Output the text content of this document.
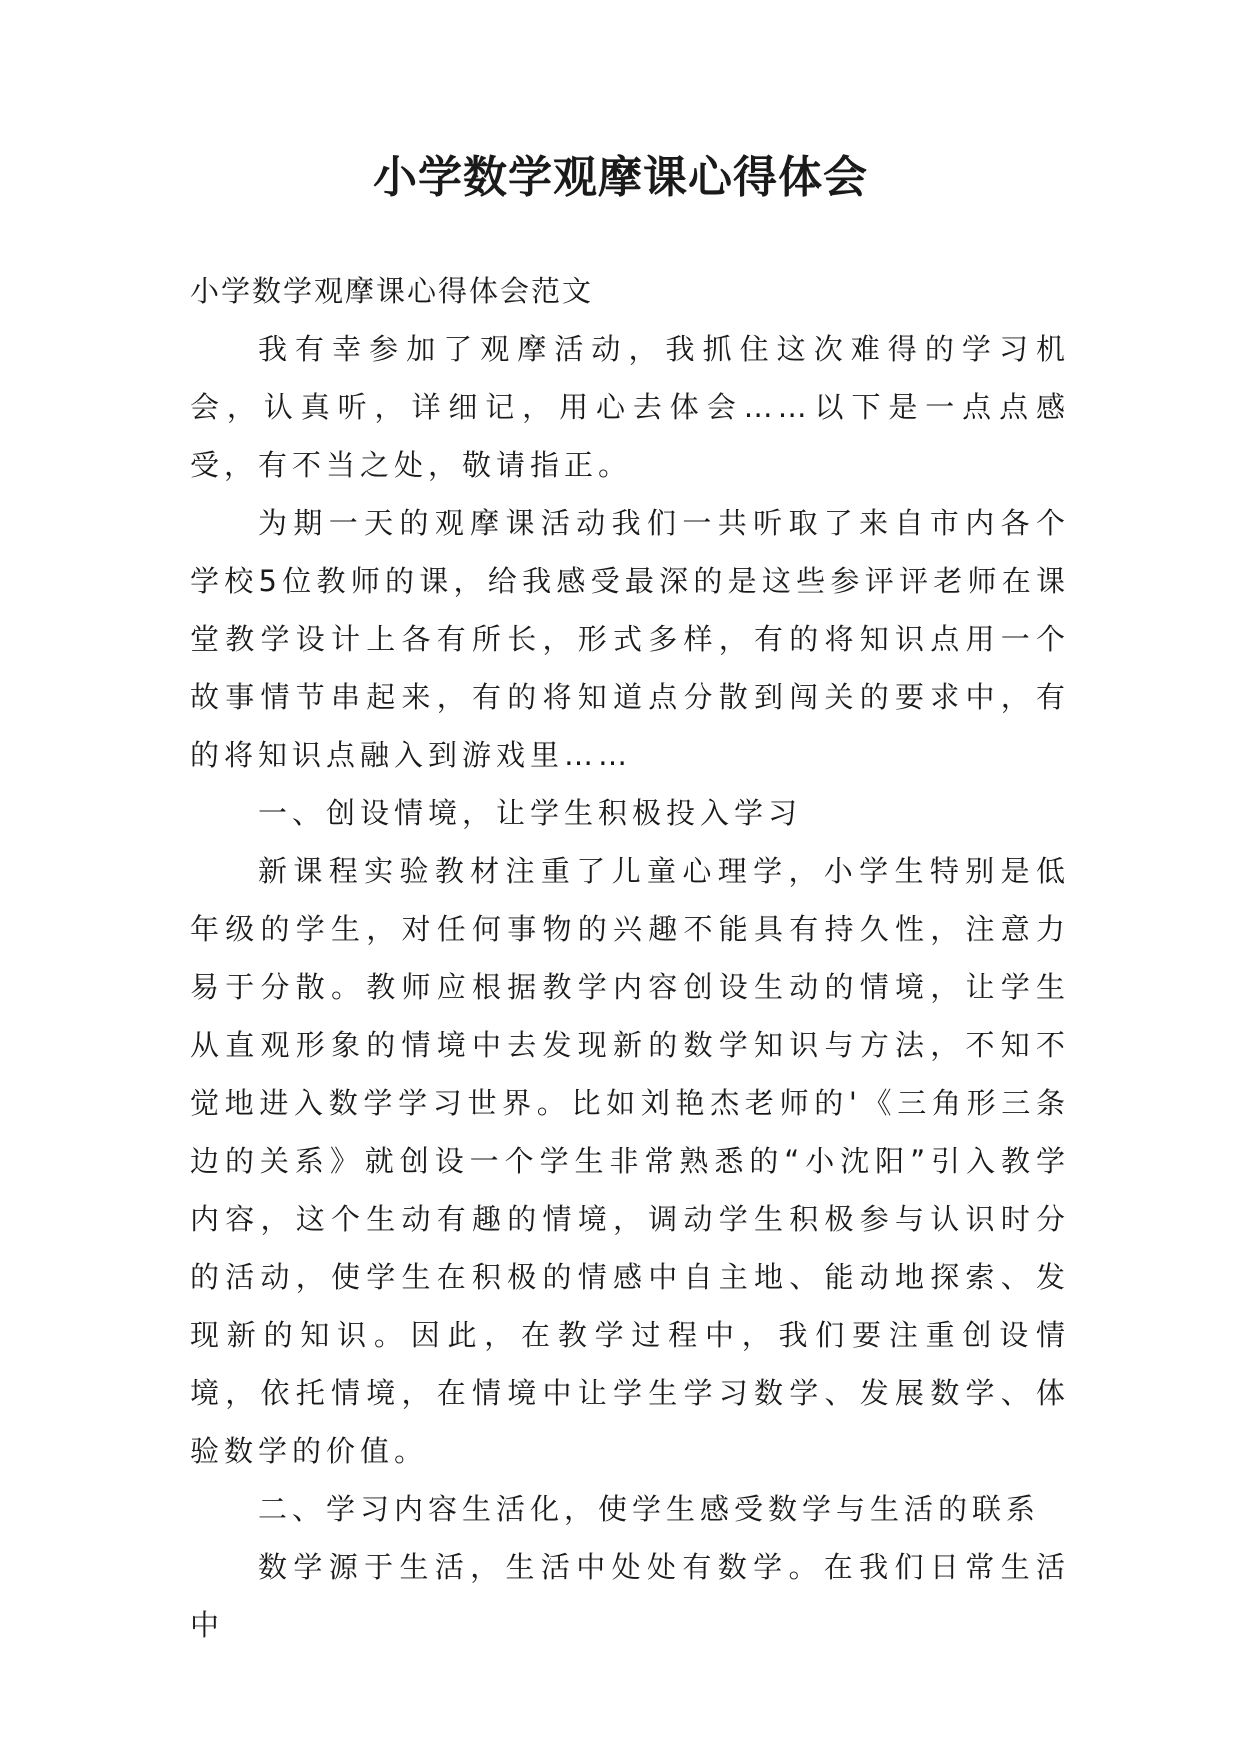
小学数学观摩课心得体会

小学数学观摩课心得体会范文

我有幸参加了观摩活动，我抓住这次难得的学习机会，认真听，详细记，用心去体会……以下是一点点感受，有不当之处，敬请指正。

为期一天的观摩课活动我们一共听取了来自市内各个学校5位教师的课，给我感受最深的是这些参评评老师在课堂教学设计上各有所长，形式多样，有的将知识点用一个故事情节串起来，有的将知道点分散到闯关的要求中，有的将知识点融入到游戏里……

一、创设情境，让学生积极投入学习

新课程实验教材注重了儿童心理学，小学生特别是低年级的学生，对任何事物的兴趣不能具有持久性，注意力易于分散。教师应根据教学内容创设生动的情境，让学生从直观形象的情境中去发现新的数学知识与方法，不知不觉地进入数学学习世界。比如刘艳杰老师的'《三角形三条边的关系》就创设一个学生非常熟悉的“小沈阳”引入教学内容，这个生动有趣的情境，调动学生积极参与认识时分的活动，使学生在积极的情感中自主地、能动地探索、发现新的知识。因此，在教学过程中，我们要注重创设情境，依托情境，在情境中让学生学习数学、发展数学、体验数学的价值。

二、学习内容生活化，使学生感受数学与生活的联系

数学源于生活，生活中处处有数学。在我们日常生活中
